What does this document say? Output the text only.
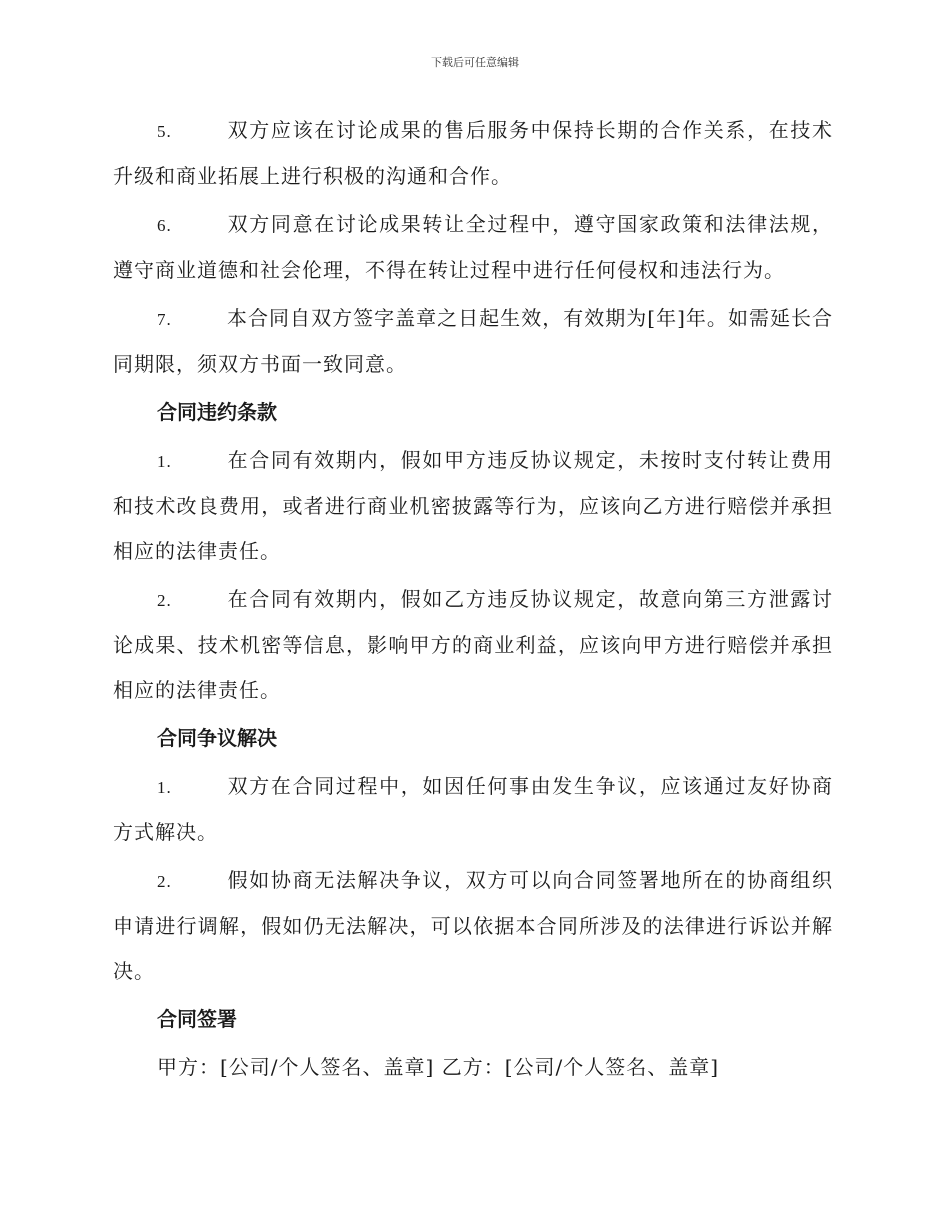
下载后可任意编辑

5.	双方应该在讨论成果的售后服务中保持长期的合作关系，在技术升级和商业拓展上进行积极的沟通和合作。

6.	双方同意在讨论成果转让全过程中，遵守国家政策和法律法规，遵守商业道德和社会伦理，不得在转让过程中进行任何侵权和违法行为。

7.	本合同自双方签字盖章之日起生效，有效期为[年]年。如需延长合同期限，须双方书面一致同意。

合同违约条款

1.	在合同有效期内，假如甲方违反协议规定，未按时支付转让费用和技术改良费用，或者进行商业机密披露等行为，应该向乙方进行赔偿并承担相应的法律责任。

2.	在合同有效期内，假如乙方违反协议规定，故意向第三方泄露讨论成果、技术机密等信息，影响甲方的商业利益，应该向甲方进行赔偿并承担相应的法律责任。

合同争议解决

1.	双方在合同过程中，如因任何事由发生争议，应该通过友好协商方式解决。

2.	假如协商无法解决争议，双方可以向合同签署地所在的协商组织申请进行调解，假如仍无法解决，可以依据本合同所涉及的法律进行诉讼并解决。

合同签署
甲方：[公司/个人签名、盖章] 乙方：[公司/个人签名、盖章]
